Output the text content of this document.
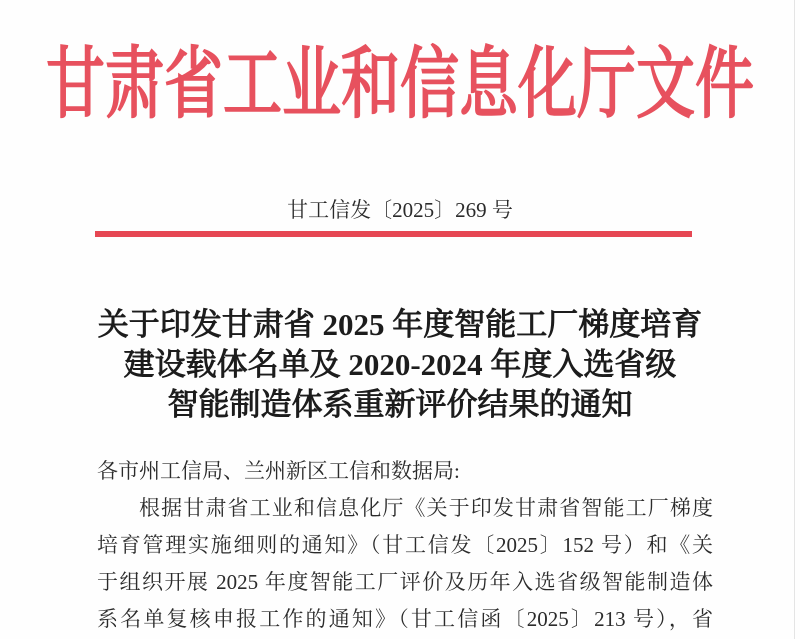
甘肃省工业和信息化厅文件
甘工信发〔2025〕269 号
关于印发甘肃省 2025 年度智能工厂梯度培育
建设载体名单及 2020-2024 年度入选省级
智能制造体系重新评价结果的通知
各市州工信局、兰州新区工信和数据局:
根据甘肃省工业和信息化厅《关于印发甘肃省智能工厂梯度
培育管理实施细则的通知》（甘工信发〔2025〕152 号）和《关
于组织开展 2025 年度智能工厂评价及历年入选省级智能制造体
系名单复核申报工作的通知》（甘工信函〔2025〕213 号），省
